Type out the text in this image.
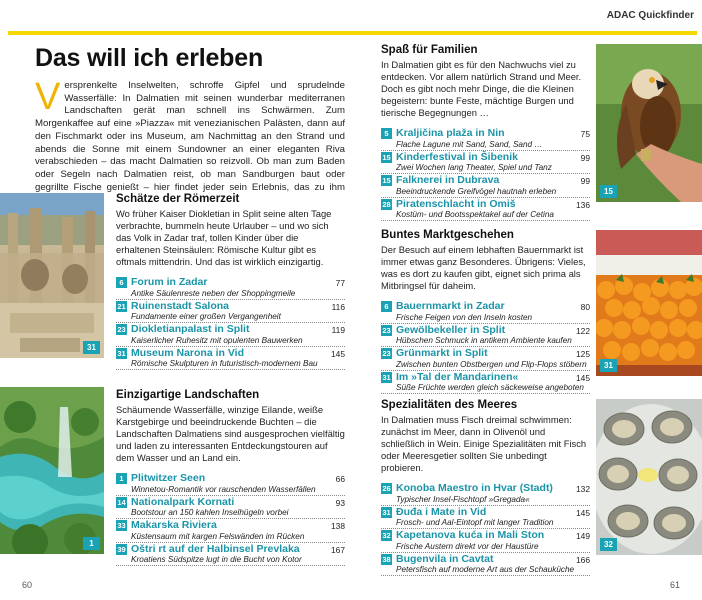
Das will ich erleben
Versprenkelte Inselwelten, schroffe Gipfel und sprudelnde Wasserfälle: In Dalmatien mit seinen wunderbar mediterranen Landschaften gerät man schnell ins Schwärmen. Zum Morgenkaffee auf eine »Piazza« mit venezianischen Palästen, dann auf den Fischmarkt oder ins Museum, am Nachmittag an den Strand und abends die Sonne mit einem Sundowner an einer eleganten Riva verabschieden – das macht Dalmatien so reizvoll. Ob man zum Baden oder Segeln nach Dalmatien reist, ob man Sandburgen baut oder gegrillte Fische genießt – hier findet jeder sein Erlebnis, das zu ihm
31
Schätze der Römerzeit
Wo früher Kaiser Diokletian in Split seine alten Tage verbrachte, bummeln heute Urlauber – und wo sich das Volk in Zadar traf, tollen Kinder über die erhaltenen Steinsäulen: Römische Kultur gibt es oftmals mittendrin. Und das ist wirklich einzigartig.
6 Forum in Zadar	77
Antike Säulenreste neben der Shoppingmeile
21 Ruinenstadt Salona	116
Fundamente einer großen Vergangenheit
23 Diokletianpalast in Split	119
Kaiserlicher Ruhesitz mit opulenten Bauwerken
31 Museum Narona in Vid	145
Römische Skulpturen in futuristisch-modernem Bau
1
Einzigartige Landschaften
Schäumende Wasserfälle, winzige Eilande, weiße Karstgebirge und beeindruckende Buchten – die Landschaften Dalmatiens sind ausgesprochen vielfältig und laden zu interessanten Entdeckungstouren auf dem Wasser und an Land ein.
1 Plitwitzer Seen	66
Winnetou-Romantik vor rauschenden Wasserfällen
14 Nationalpark Kornati	93
Bootstour an 150 kahlen Inselhügeln vorbei
33 Makarska Riviera	138
Küstensaum mit kargen Felswänden im Rücken
39 Oštri rt auf der Halbinsel Prevlaka	167
Kroatiens Südspitze lugt in die Bucht von Kotor
60
ADAC Quickfinder
Spaß für Familien
In Dalmatien gibt es für den Nachwuchs viel zu entdecken. Vor allem natürlich Strand und Meer. Doch es gibt noch mehr Dinge, die die Kleinen begeistern: bunte Feste, mächtige Burgen und tierische Begegnungen …
5 Kraljičina plaža in Nin	75
Flache Lagune mit Sand, Sand, Sand …
15 Kinderfestival in Šibenik	99
Zwei Wochen lang Theater, Spiel und Tanz
15 Falknerei in Dubrava	99
Beeindruckende Greifvögel hautnah erleben
28 Piratenschlacht in Omiš	136
Kostüm- und Bootsspektakel auf der Cetina
15
Buntes Marktgeschehen
Der Besuch auf einem lebhaften Bauernmarkt ist immer etwas ganz Besonderes. Übrigens: Vieles, was es dort zu kaufen gibt, eignet sich prima als Mitbringsel für daheim.
6 Bauernmarkt in Zadar	80
Frische Feigen von den Inseln kosten
23 Gewölbekeller in Split	122
Hübschen Schmuck in antikem Ambiente kaufen
23 Grünmarkt in Split	125
Zwischen bunten Obstbergen und Flip-Flops stöbern
31 Im »Tal der Mandarinen«	145
Süße Früchte werden gleich säckeweise angeboten
31
Spezialitäten des Meeres
In Dalmatien muss Fisch dreimal schwimmen: zunächst im Meer, dann in Olivenöl und schließlich in Wein. Einige Spezialitäten mit Fisch oder Meeresgetier sollten Sie unbedingt probieren.
26 Konoba Maestro in Hvar (Stadt)	132
Typischer Insel-Fischtopf »Gregada«
31 Đuđa i Mate in Vid	145
Frosch- und Aal-Eintopf mit langer Tradition
32 Kapetanova kuća in Mali Ston	149
Frische Austern direkt vor der Haustüre
38 Bugenvila in Cavtat	166
Petersfisch auf moderne Art aus der Schauküche
32
61
